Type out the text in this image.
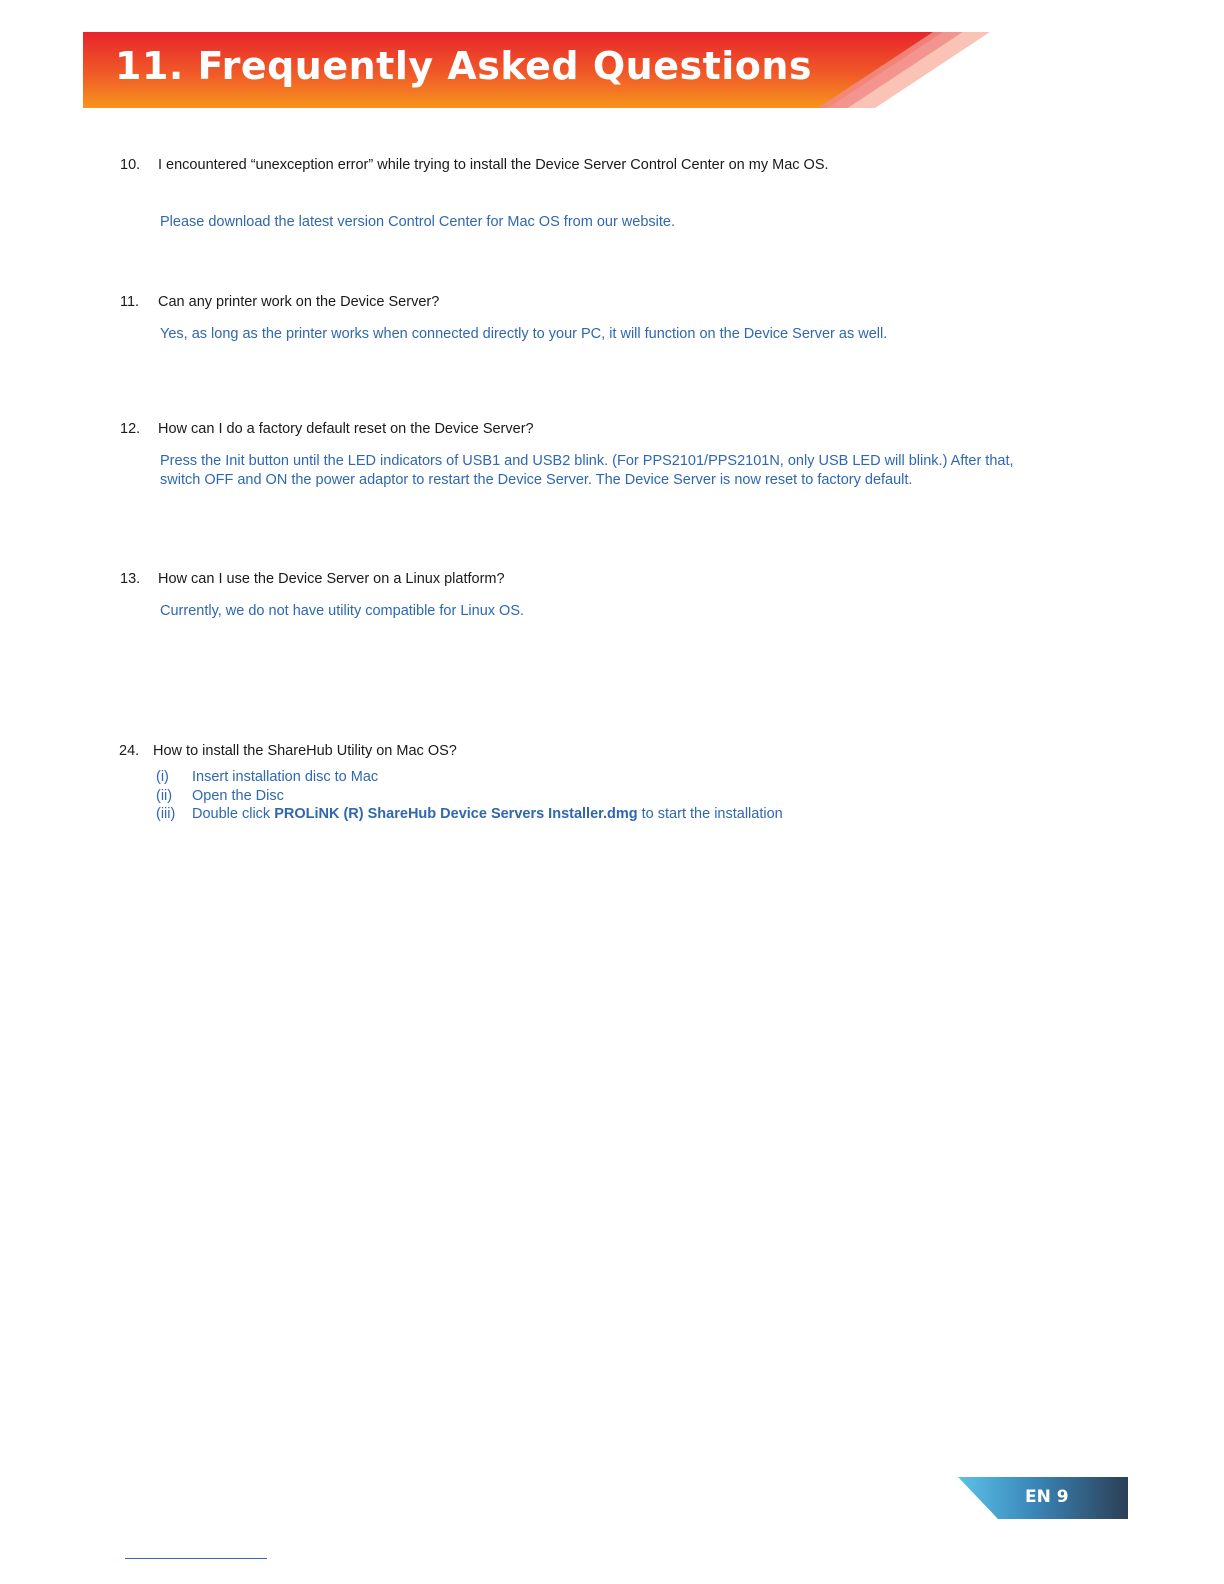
11. Frequently Asked Questions
10. I encountered “unexception error” while trying to install the Device Server Control Center on my Mac OS.

Please download the latest version Control Center for Mac OS from our website.

11. Can any printer work on the Device Server?

Yes, as long as the printer works when connected directly to your PC, it will function on the Device Server as well.

12. How can I do a factory default reset on the Device Server?

Press the Init button until the LED indicators of USB1 and USB2 blink. (For PPS2101/PPS2101N, only USB LED will blink.) After that,

switch OFF and ON the power adaptor to restart the Device Server. The Device Server is now reset to factory default.

13. How can I use the Device Server on a Linux platform?

Currently, we do not have utility compatible for Linux OS.

24. How to install the ShareHub Utility on Mac OS?
(i) Insert installation disc to Mac
(ii) Open the Disc
(iii) Double click PROLiNK (R) ShareHub Device Servers Installer.dmg to start the installation
EN 9
